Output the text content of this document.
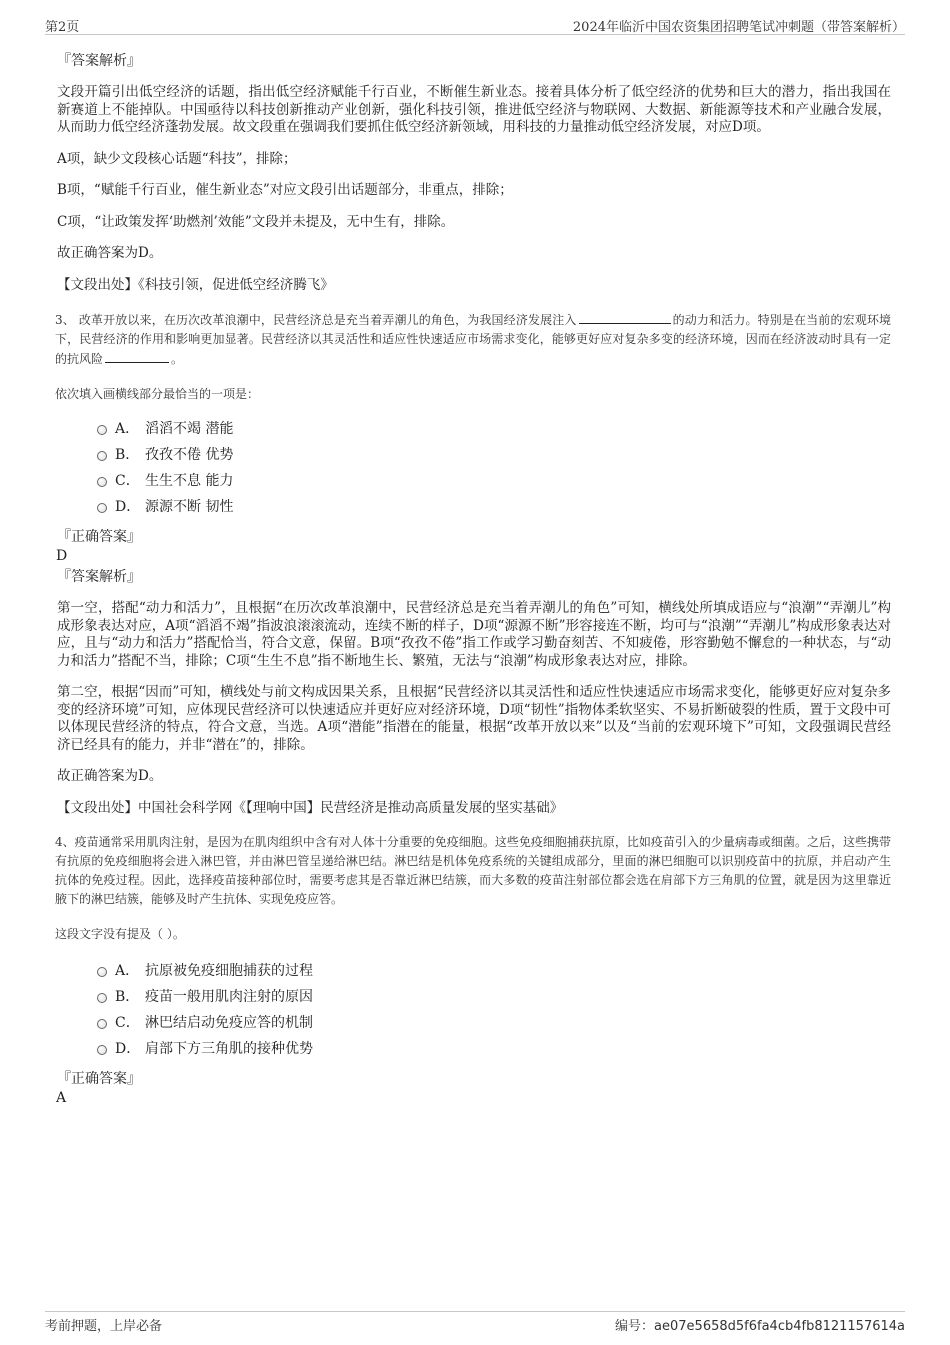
第2页	2024年临沂中国农资集团招聘笔试冲刺题（带答案解析）
『答案解析』

文段开篇引出低空经济的话题，指出低空经济赋能千行百业，不断催生新业态。接着具体分析了低空经济的优势和巨大的潜力，指出我国在新赛道上不能掉队。中国亟待以科技创新推动产业创新，强化科技引领，推进低空经济与物联网、大数据、新能源等技术和产业融合发展，从而助力低空经济蓬勃发展。故文段重在强调我们要抓住低空经济新领域，用科技的力量推动低空经济发展，对应D项。

A项，缺少文段核心话题“科技”，排除；

B项，“赋能千行百业，催生新业态”对应文段引出话题部分，非重点，排除；

C项，“让政策发挥‘助燃剂’效能”文段并未提及，无中生有，排除。

故正确答案为D。

【文段出处】《科技引领，促进低空经济腾飞》

3、 改革开放以来，在历次改革浪潮中，民营经济总是充当着弄潮儿的角色，为我国经济发展注入	的动力和活力。特别是在当前的宏观环境下，民营经济的作用和影响更加显著。民营经济以其灵活性和适应性快速适应市场需求变化，能够更好应对复杂多变的经济环境，因而在经济波动时具有一定的抗风险	。

依次填入画横线部分最恰当的一项是：

A． 滔滔不竭 潜能
B． 孜孜不倦 优势
C． 生生不息 能力
D． 源源不断 韧性
『正确答案』
D
『答案解析』

第一空，搭配“动力和活力”，且根据“在历次改革浪潮中，民营经济总是充当着弄潮儿的角色”可知，横线处所填成语应与“浪潮”“弄潮儿”构成形象表达对应，A项“滔滔不竭”指波浪滚滚流动，连续不断的样子，D项“源源不断”形容接连不断，均可与“浪潮”“弄潮儿”构成形象表达对应，且与“动力和活力”搭配恰当，符合文意，保留。B项“孜孜不倦”指工作或学习勤奋刻苦、不知疲倦，形容勤勉不懈怠的一种状态，与“动力和活力”搭配不当，排除；C项“生生不息”指不断地生长、繁殖，无法与“浪潮”构成形象表达对应，排除。

第二空，根据“因而”可知，横线处与前文构成因果关系，且根据“民营经济以其灵活性和适应性快速适应市场需求变化，能够更好应对复杂多变的经济环境”可知，应体现民营经济可以快速适应并更好应对经济环境，D项“韧性”指物体柔软坚实、不易折断破裂的性质，置于文段中可以体现民营经济的特点，符合文意，当选。A项“潜能”指潜在的能量，根据“改革开放以来”以及“当前的宏观环境下”可知，文段强调民营经济已经具有的能力，并非“潜在”的，排除。

故正确答案为D。

【文段出处】中国社会科学网《【理响中国】民营经济是推动高质量发展的坚实基础》

4、疫苗通常采用肌肉注射，是因为在肌肉组织中含有对人体十分重要的免疫细胞。这些免疫细胞捕获抗原，比如疫苗引入的少量病毒或细菌。之后，这些携带有抗原的免疫细胞将会进入淋巴管，并由淋巴管呈递给淋巴结。淋巴结是机体免疫系统的关键组成部分，里面的淋巴细胞可以识别疫苗中的抗原，并启动产生抗体的免疫过程。因此，选择疫苗接种部位时，需要考虑其是否靠近淋巴结簇，而大多数的疫苗注射部位都会选在肩部下方三角肌的位置，就是因为这里靠近腋下的淋巴结簇，能够及时产生抗体、实现免疫应答。

这段文字没有提及（ ）。

A． 抗原被免疫细胞捕获的过程
B． 疫苗一般用肌肉注射的原因
C． 淋巴结启动免疫应答的机制
D． 肩部下方三角肌的接种优势
『正确答案』
A
考前押题，上岸必备	编号：ae07e5658d5f6fa4cb4fb8121157614a
